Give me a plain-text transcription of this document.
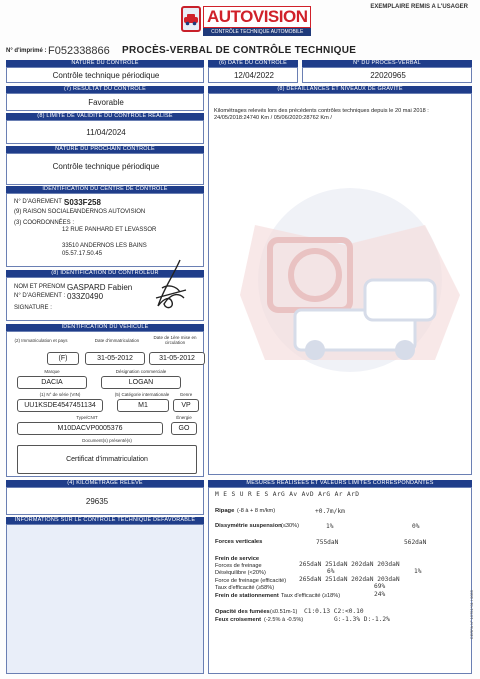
AUTOVISION
CONTRÔLE TECHNIQUE AUTOMOBILE
EXEMPLAIRE REMIS A L'USAGER
N° d'imprimé : F052338866 PROCÈS-VERBAL DE CONTRÔLE TECHNIQUE
NATURE DU CONTRÔLE
Contrôle technique périodique
(6) DATE DU CONTRÔLE
12/04/2022
N° DU PROCÈS-VERBAL
22020965
(7) RÉSULTAT DU CONTRÔLE
Favorable
(8) DÉFAILLANCES ET NIVEAUX DE GRAVITÉ
Kilométrages relevés lors des précédents contrôles techniques depuis le 20 mai 2018 :
24/05/2018:24740 Km / 05/06/2020:28762 Km /
(8) LIMITE DE VALIDITÉ DU CONTRÔLE RÉALISÉ
11/04/2024
NATURE DU PROCHAIN CONTRÔLE
Contrôle technique périodique
IDENTIFICATION DU CENTRE DE CONTRÔLE
N° D'AGREMENT :
S033F258
(9) RAISON SOCIALE :
ANDERNOS AUTOVISION
(3) COORDONNÉES :
12 RUE PANHARD ET LEVASSOR
33510 ANDERNOS LES BAINS
05.57.17.50.45
(8) IDENTIFICATION DU CONTRÔLEUR
NOM ET PRENOM :
GASPARD Fabien
N° D'AGREMENT : 033Z0490
SIGNATURE :
IDENTIFICATION DU VÉHICULE
(2) Immatriculation et pays	Date d'immatriculation
Date de 1ère mise en circulation
(F)	31-05-2012	31-05-2012
Marque	Désignation commerciale
DACIA	LOGAN
(1) N° de série (VIN)	(5) Catégorie internationale	Genre
UU1KSDE4547451134	M1	VP
Type/CNIT	Énergie
M10DACVP0005376	GO
Document(s) présenté(s)
Certificat d'immatriculation
(4) KILOMÉTRAGE RELEVÉ
29635
INFORMATIONS SUR LE CONTRÔLE TECHNIQUE DÉFAVORABLE
MESURES RÉALISÉES ET VALEURS LIMITES CORRESPONDANTES
M E S U R E S ArG Av AvD ArG Ar ArD
Ripage (-8 à + 8 m/km)	+0.7m/km
Dissymétrie suspension (≤30%)	1%	0%
Forces verticales	755daN	562daN
Frein de service
Forces de freinage	265daN 251daN 202daN 203daN
Déséquilibre (<20%)	6%	1%
Force de freinage (efficacité) 265daN 251daN 202daN 203daN
Taux d'efficacité (≥58%)	69%
Frein de stationnement Taux d'efficacité (≥18%)	24%
Opacité des fumées (≤0.51m-1) C1:0.13 C2:<0.10
Feux croisement (-2.5% à -0.5%)	G:-1.3% D:-1.2%	CERFA N° 15751*01 / 0055
